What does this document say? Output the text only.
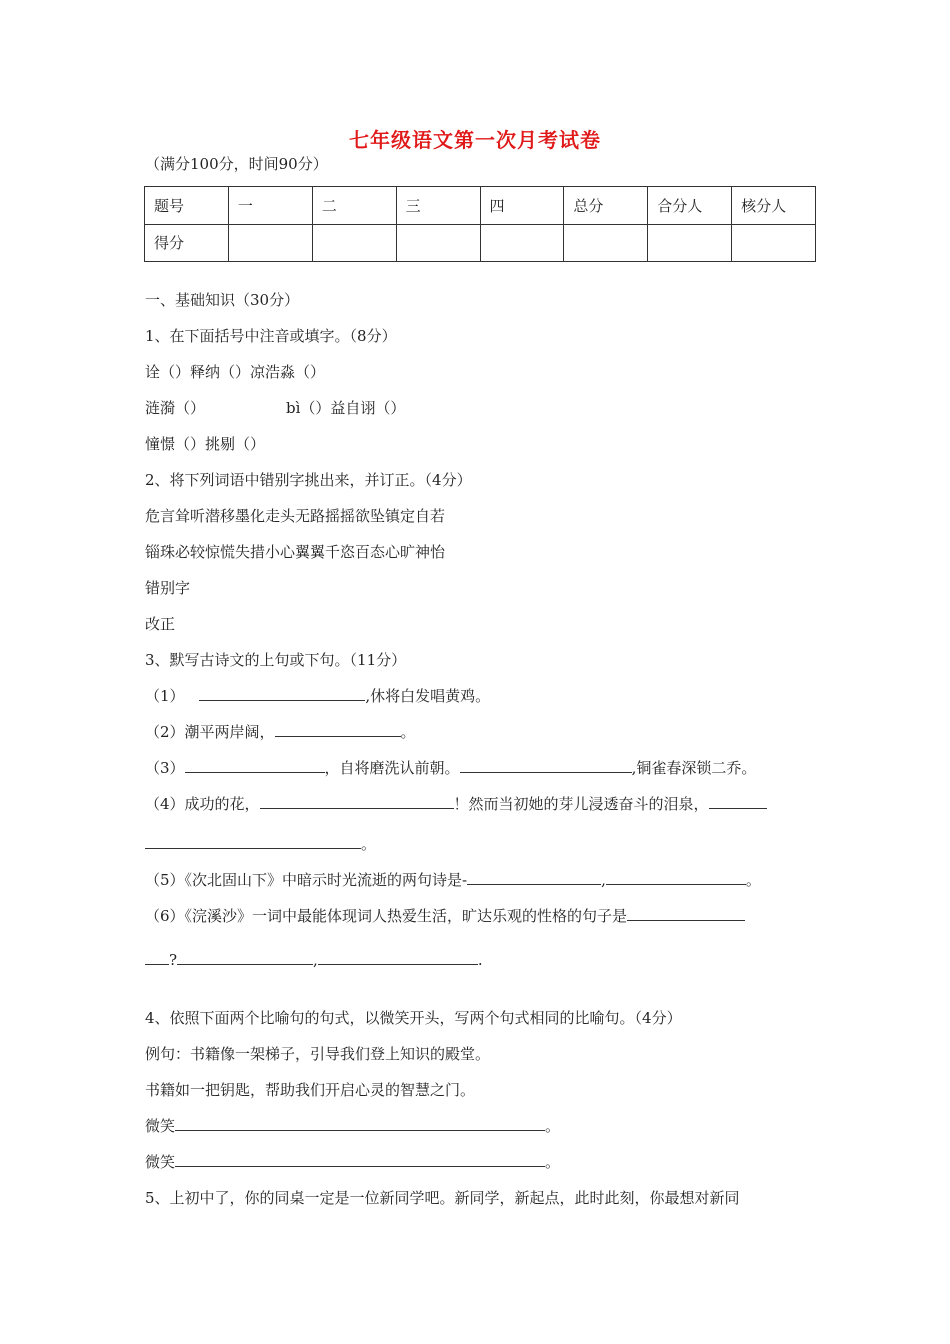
七年级语文第一次月考试卷
（满分100分，时间90分）
题号	一	二	三	四	总分	合分人	核分人
得分							
一、基础知识（30分）
1、在下面括号中注音或填字。（8分）
诠（）释纳（）凉浩淼（）
涟漪（）	bì（）益自诩（）
憧憬（）挑剔（）
2、将下列词语中错别字挑出来，并订正。（4分）
危言耸听潜移墨化走头无路摇摇欲坠镇定自若
锱珠必较惊慌失措小心翼翼千恣百态心旷神怡
错别字
改正
3、默写古诗文的上句或下句。（11分）
（1）	,休将白发唱黄鸡。
（2）潮平两岸阔，	。
（3）	，自将磨洗认前朝。	,铜雀春深锁二乔。
（4）成功的花，	！然而当初她的芽儿浸透奋斗的泪泉，
。
（5）《次北固山下》中暗示时光流逝的两句诗是-	,	。
（6）《浣溪沙》一词中最能体现词人热爱生活，旷达乐观的性格的句子是
?	,	.
4、依照下面两个比喻句的句式，以微笑开头，写两个句式相同的比喻句。（4分）
例句：书籍像一架梯子，引导我们登上知识的殿堂。
书籍如一把钥匙，帮助我们开启心灵的智慧之门。
微笑	。
微笑	。
5、上初中了，你的同桌一定是一位新同学吧。新同学，新起点，此时此刻，你最想对新同
